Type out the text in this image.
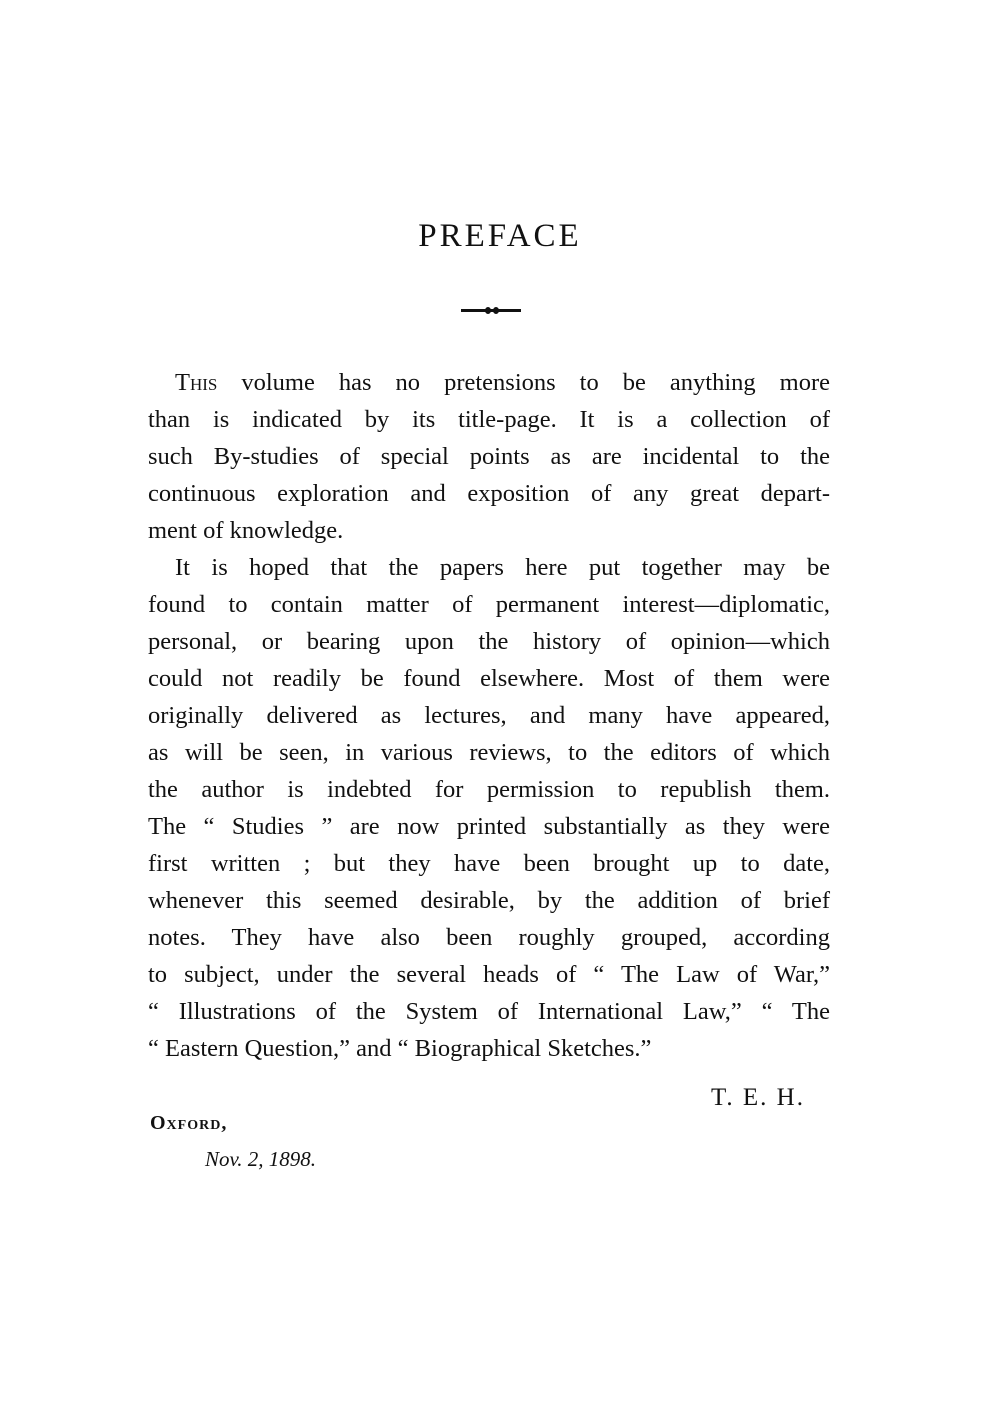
PREFACE
This volume has no pretensions to be anything more
than is indicated by its title-page. It is a collection of
such By-studies of special points as are incidental to the
continuous exploration and exposition of any great depart-
ment of knowledge.
It is hoped that the papers here put together may be
found to contain matter of permanent interest—diplomatic,
personal, or bearing upon the history of opinion—which
could not readily be found elsewhere. Most of them were
originally delivered as lectures, and many have appeared,
as will be seen, in various reviews, to the editors of which
the author is indebted for permission to republish them.
The “ Studies ” are now printed substantially as they were
first written ; but they have been brought up to date,
whenever this seemed desirable, by the addition of brief
notes. They have also been roughly grouped, according
to subject, under the several heads of “ The Law of War,”
“ Illustrations of the System of International Law,” “ The
“ Eastern Question,” and “ Biographical Sketches.”
T. E. H.
Oxford,
Nov. 2, 1898.
